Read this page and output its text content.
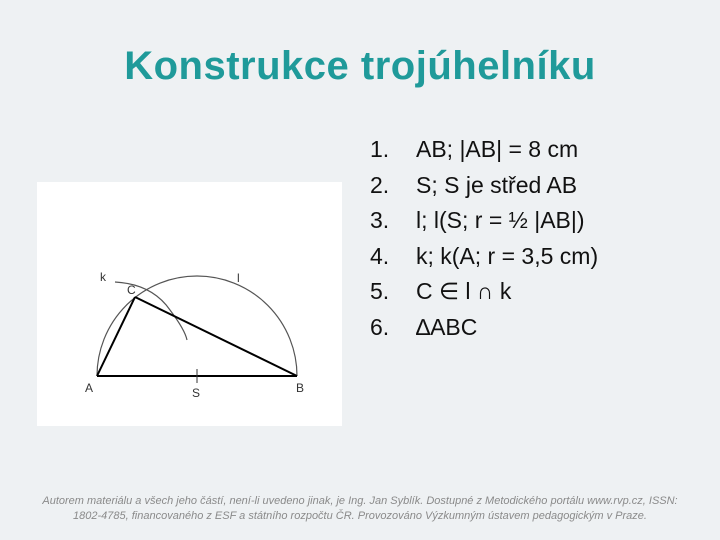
Konstrukce trojúhelníku
1.	AB; |AB| = 8 cm
2.	S; S je střed AB
3.	l; l(S; r = ½ |AB|)
4.	k; k(A; r = 3,5 cm)
5.	C ∈ l ∩ k
6.	∆ABC
k	l
C
A	S	B
Autorem materiálu a všech jeho částí, není-li uvedeno jinak, je Ing. Jan Syblík. Dostupné z Metodického portálu www.rvp.cz, ISSN: 1802-4785, financovaného z ESF a státního rozpočtu ČR. Provozováno Výzkumným ústavem pedagogickým v Praze.
